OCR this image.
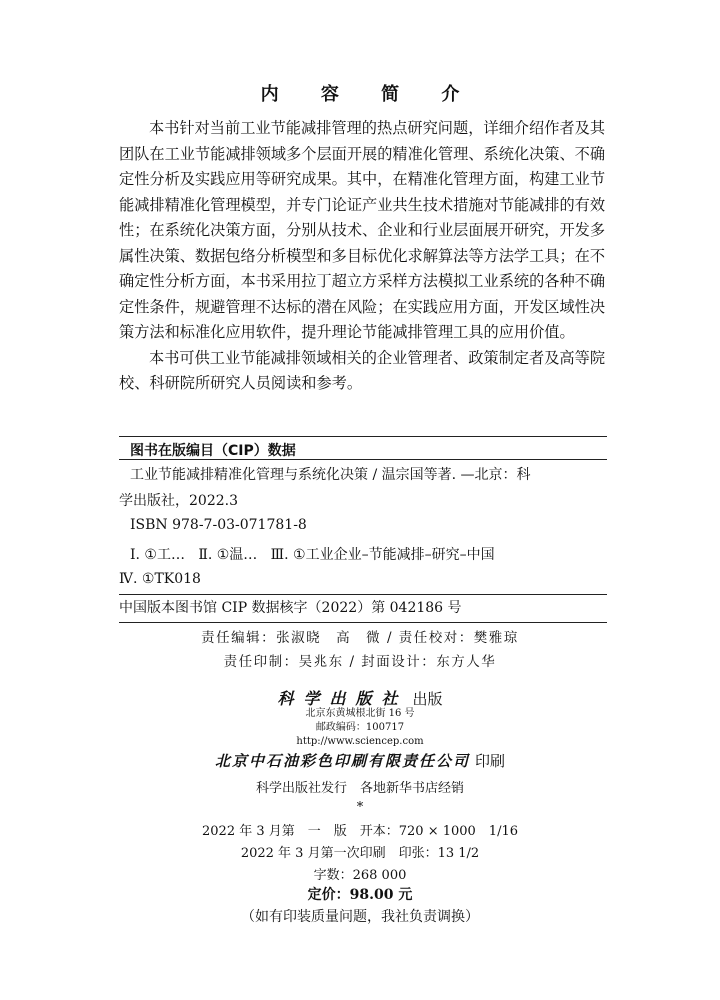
内 容 简 介

本书针对当前工业节能减排管理的热点研究问题，详细介绍作者及其团队在工业节能减排领域多个层面开展的精准化管理、系统化决策、不确定性分析及实践应用等研究成果。其中，在精准化管理方面，构建工业节能减排精准化管理模型，并专门论证产业共生技术措施对节能减排的有效性；在系统化决策方面，分别从技术、企业和行业层面展开研究，开发多属性决策、数据包络分析模型和多目标优化求解算法等方法学工具；在不确定性分析方面，本书采用拉丁超立方采样方法模拟工业系统的各种不确定性条件，规避管理不达标的潜在风险；在实践应用方面，开发区域性决策方法和标准化应用软件，提升理论节能减排管理工具的应用价值。

本书可供工业节能减排领域相关的企业管理者、政策制定者及高等院校、科研院所研究人员阅读和参考。

图书在版编目（CIP）数据
工业节能减排精准化管理与系统化决策 / 温宗国等著. —北京：科
学出版社，2022.3
ISBN 978-7-03-071781-8
Ⅰ. ①工…   Ⅱ. ①温…   Ⅲ. ①工业企业–节能减排–研究–中国
Ⅳ. ①TK018
中国版本图书馆 CIP 数据核字（2022）第 042186 号
责任编辑：张淑晓　高　微 / 责任校对：樊雅琼
责任印制：吴兆东 / 封面设计：东方人华
科学出版社 出版
北京东黄城根北街 16 号
邮政编码：100717
http://www.sciencep.com
北京中石油彩色印刷有限责任公司 印刷
科学出版社发行　各地新华书店经销
*
2022 年 3 月第　一　版　开本：720 × 1000　1/16
2022 年 3 月第一次印刷　印张：13 1/2
字数：268 000
定价：98.00 元
（如有印装质量问题，我社负责调换）
